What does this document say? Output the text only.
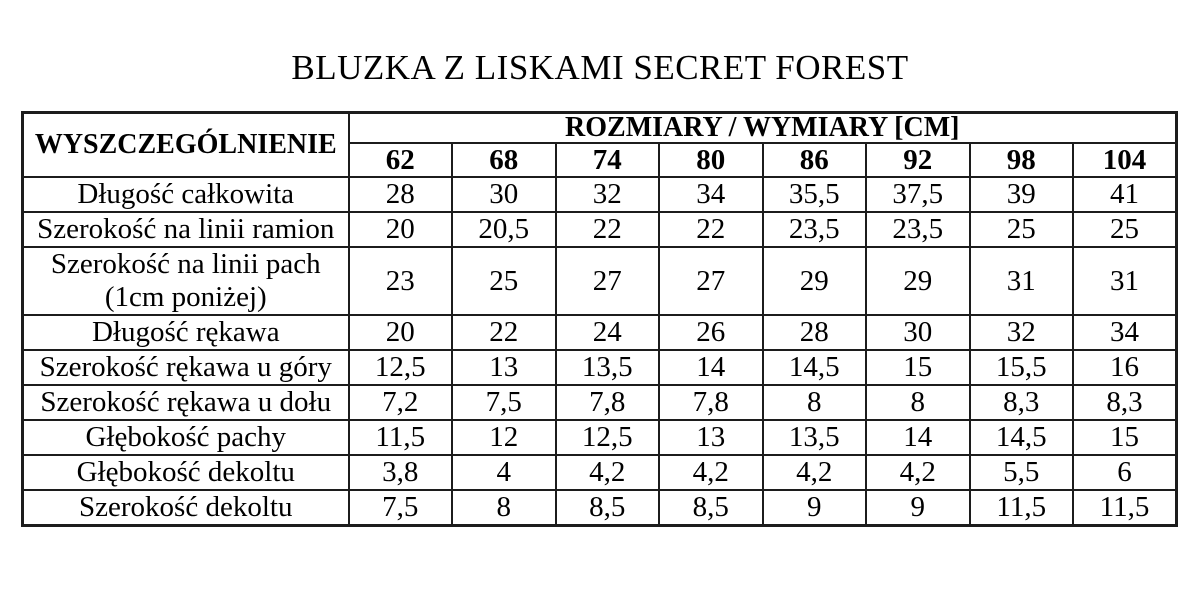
BLUZKA Z LISKAMI SECRET FOREST
WYSZCZEGÓLNIENIE	ROZMIARY / WYMIARY [CM]							
	62	68	74	80	86	92	98	104
Długość całkowita	28	30	32	34	35,5	37,5	39	41
Szerokość na linii ramion	20	20,5	22	22	23,5	23,5	25	25
Szerokość na linii pach (1cm poniżej)	23	25	27	27	29	29	31	31
Długość rękawa	20	22	24	26	28	30	32	34
Szerokość rękawa u góry	12,5	13	13,5	14	14,5	15	15,5	16
Szerokość rękawa u dołu	7,2	7,5	7,8	7,8	8	8	8,3	8,3
Głębokość pachy	11,5	12	12,5	13	13,5	14	14,5	15
Głębokość dekoltu	3,8	4	4,2	4,2	4,2	4,2	5,5	6
Szerokość dekoltu	7,5	8	8,5	8,5	9	9	11,5	11,5
